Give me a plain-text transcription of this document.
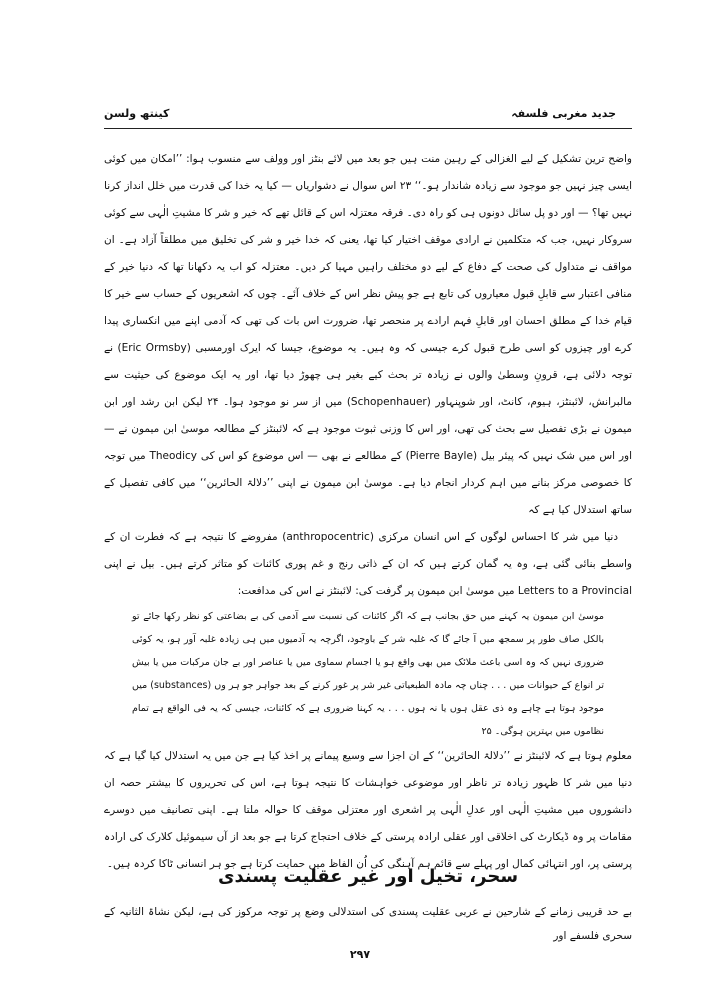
کینتھ ولسن	جدید مغربی فلسفہ

واضح ترین تشکیل کے لیے الغزالی کے رہین منت ہیں جو بعد میں لائے بنٹز اور وولف سے منسوب ہوا: ’’امکان میں کوئی ایسی چیز نہیں جو موجود سے زیادہ شاندار ہو۔‘‘ ۲۳ اس سوال نے دشواریاں — کیا یہ خدا کی قدرت میں خلل انداز کرنا نہیں تھا؟ — اور دو پل سائل دونوں ہی کو راہ دی۔ فرقہ معتزلہ اس کے قائل تھے کہ خیر و شر کا مشیتِ الٰہی سے کوئی سروکار نہیں، جب کہ متکلمین نے ارادی موقف اختیار کیا تھا، یعنی کہ خدا خیر و شر کی تخلیق میں مطلقاً آزاد ہے۔ ان مواقف نے متداول کی صحت کے دفاع کے لیے دو مختلف راہیں مہیا کر دیں۔ معتزلہ کو اب یہ دکھانا تھا کہ دنیا خیر کے منافی اعتبار سے قابلِ قبول معیاروں کی تابع ہے جو پیش نظر اس کے خلاف آئے۔ چوں کہ اشعریوں کے حساب سے خیر کا قیام خدا کے مطلق احسان اور قابلِ فہم ارادے پر منحصر تھا، ضرورت اس بات کی تھی کہ آدمی اپنے میں انکساری پیدا کرے اور چیزوں کو اسی طرح قبول کرے جیسی کہ وہ ہیں۔ یہ موضوع، جیسا کہ ایرک اورمسبی (Eric Ormsby) نے توجہ دلائی ہے، قرونِ وسطیٰ والوں نے زیادہ تر بحث کیے بغیر ہی چھوڑ دیا تھا، اور یہ ایک موضوع کی حیثیت سے مالبرانش، لائبنٹز، ہیوم، کانٹ، اور شوپنہاور (Schopenhauer) میں از سر نو موجود ہوا۔ ۲۴ لیکن ابن رشد اور ابن میمون نے بڑی تفصیل سے بحث کی تھی، اور اس کا وزنی ثبوت موجود ہے کہ لائبنٹز کے مطالعہ موسیٰ ابن میمون نے — اور اس میں شک نہیں کہ پیئر بیل (Pierre Bayle) کے مطالعے نے بھی — اس موضوع کو اس کی Theodicy میں توجہ کا خصوصی مرکز بنانے میں اہم کردار انجام دیا ہے۔ موسیٰ ابن میمون نے اپنی ’’دلالۃ الحائرین‘‘ میں کافی تفصیل کے ساتھ استدلال کیا ہے کہ

دنیا میں شر کا احساس لوگوں کے اس انسان مرکزی (anthropocentric) مفروضے کا نتیجہ ہے کہ فطرت ان کے واسطے بنائی گئی ہے، وہ یہ گمان کرتے ہیں کہ ان کے ذاتی رنج و غم پوری کائنات کو متاثر کرتے ہیں۔ بیل نے اپنی Letters to a Provincial میں موسیٰ ابن میمون پر گرفت کی: لائبنٹز نے اس کی مدافعت:

موسیٰ ابن میمون یہ کہنے میں حق بجانب ہے کہ اگر کائنات کی نسبت سے آدمی کی بے بضاعتی کو نظر رکھا جائے تو بالکل صاف طور پر سمجھ میں آ جائے گا کہ غلبہ شر کے باوجود، اگرچہ یہ آدمیوں میں ہی زیادہ غلبہ آور ہو، یہ کوئی ضروری نہیں کہ وہ اسی باعث ملائک میں بھی واقع ہو یا اجسام سماوی میں یا عناصر اور بے جان مرکبات میں یا بیش تر انواع کے حیوانات میں . . . چناں چہ مادہ الطبعیاتی غیر شر پر غور کرنے کے بعد جواہر جو ہر وں (substances) میں موجود ہوتا ہے چاہے وہ ذی عقل ہوں یا نہ ہوں . . . یہ کہنا ضروری ہے کہ کائنات، جیسی کہ یہ فی الواقع ہے تمام نظاموں میں بہترین ہوگی۔ ۲۵

معلوم ہوتا ہے کہ لائبنٹز نے ’’دلالۃ الحائرین‘‘ کے ان اجزا سے وسیع پیمانے پر اخذ کیا ہے جن میں یہ استدلال کیا گیا ہے کہ دنیا میں شر کا ظہور زیادہ تر ناظر اور موضوعی خواہشات کا نتیجہ ہوتا ہے، اس کی تحریروں کا بیشتر حصہ ان دانشوروں میں مشیتِ الٰہی اور عدلِ الٰہی پر اشعری اور معتزلی موقف کا حوالہ ملتا ہے۔ اپنی تصانیف میں دوسرے مقامات پر وہ ڈیکارٹ کی اخلاقی اور عقلی ارادہ پرستی کے خلاف احتجاج کرتا ہے جو بعد از آں سیموئیل کلارک کی ارادہ پرستی پر، اور انتہائی کمال اور پہلے سے قائم ہم آہنگی کی اُن الفاظ میں حمایت کرتا ہے جو ہر انسانی ٹاکا کردہ ہیں۔

سحر، تخیل اور غیر عقلیت پسندی
بے حد قریبی زمانے کے شارحین نے عربی عقلیت پسندی کی استدلالی وضع پر توجہ مرکوز کی ہے، لیکن نشاۃ الثانیہ کے سحری فلسفے اور
۲۹۷
